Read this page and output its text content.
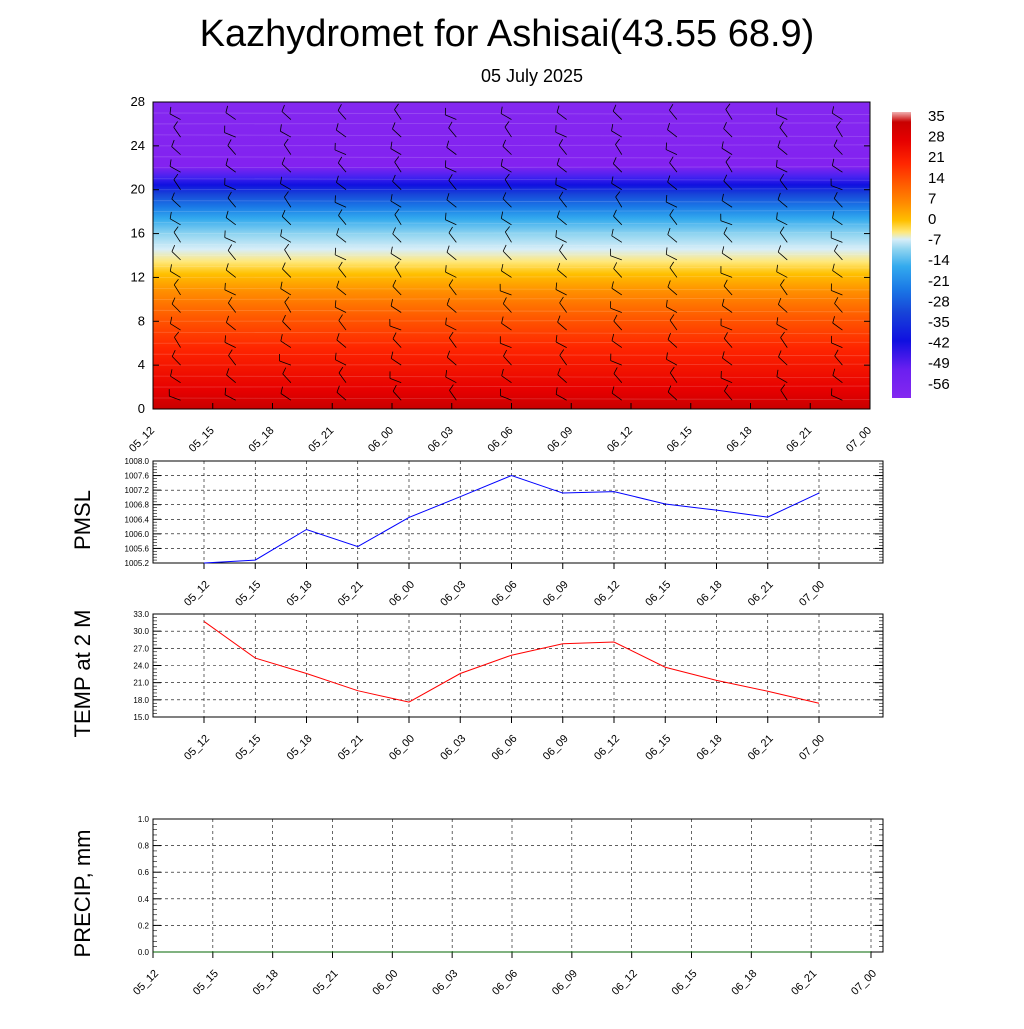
Kazhydromet for Ashisai(43.55 68.9)
05 July 2025
0
4
8
12
16
20
24
28
05_12	05_15	05_18	05_21	06_00	06_03	06_06	06_09	06_12	06_15	06_18	06_21	07_00
35
28
21
14
7
0
-7
-14
-21
-28
-35
-42
-49
-56
1005.2
1005.6
1006.0
1006.4
1006.8
1007.2
1007.6
1008.0
05_12 05_15 05_18 05_21 06_00 06_03 06_06 06_09 06_12 06_15 06_18 06_21 07_00
PMSL
15.0
18.0
21.0
24.0
27.0
30.0
33.0
05_12 05_15 05_18 05_21 06_00 06_03 06_06 06_09 06_12 06_15 06_18 06_21 07_00
TEMP at 2 M
0.0
0.2
0.4
0.6
0.8
1.0
05_12	05_15	05_18	05_21	06_00	06_03	06_06	06_09	06_12	06_15	06_18	06_21	07_00
PRECIP, mm
